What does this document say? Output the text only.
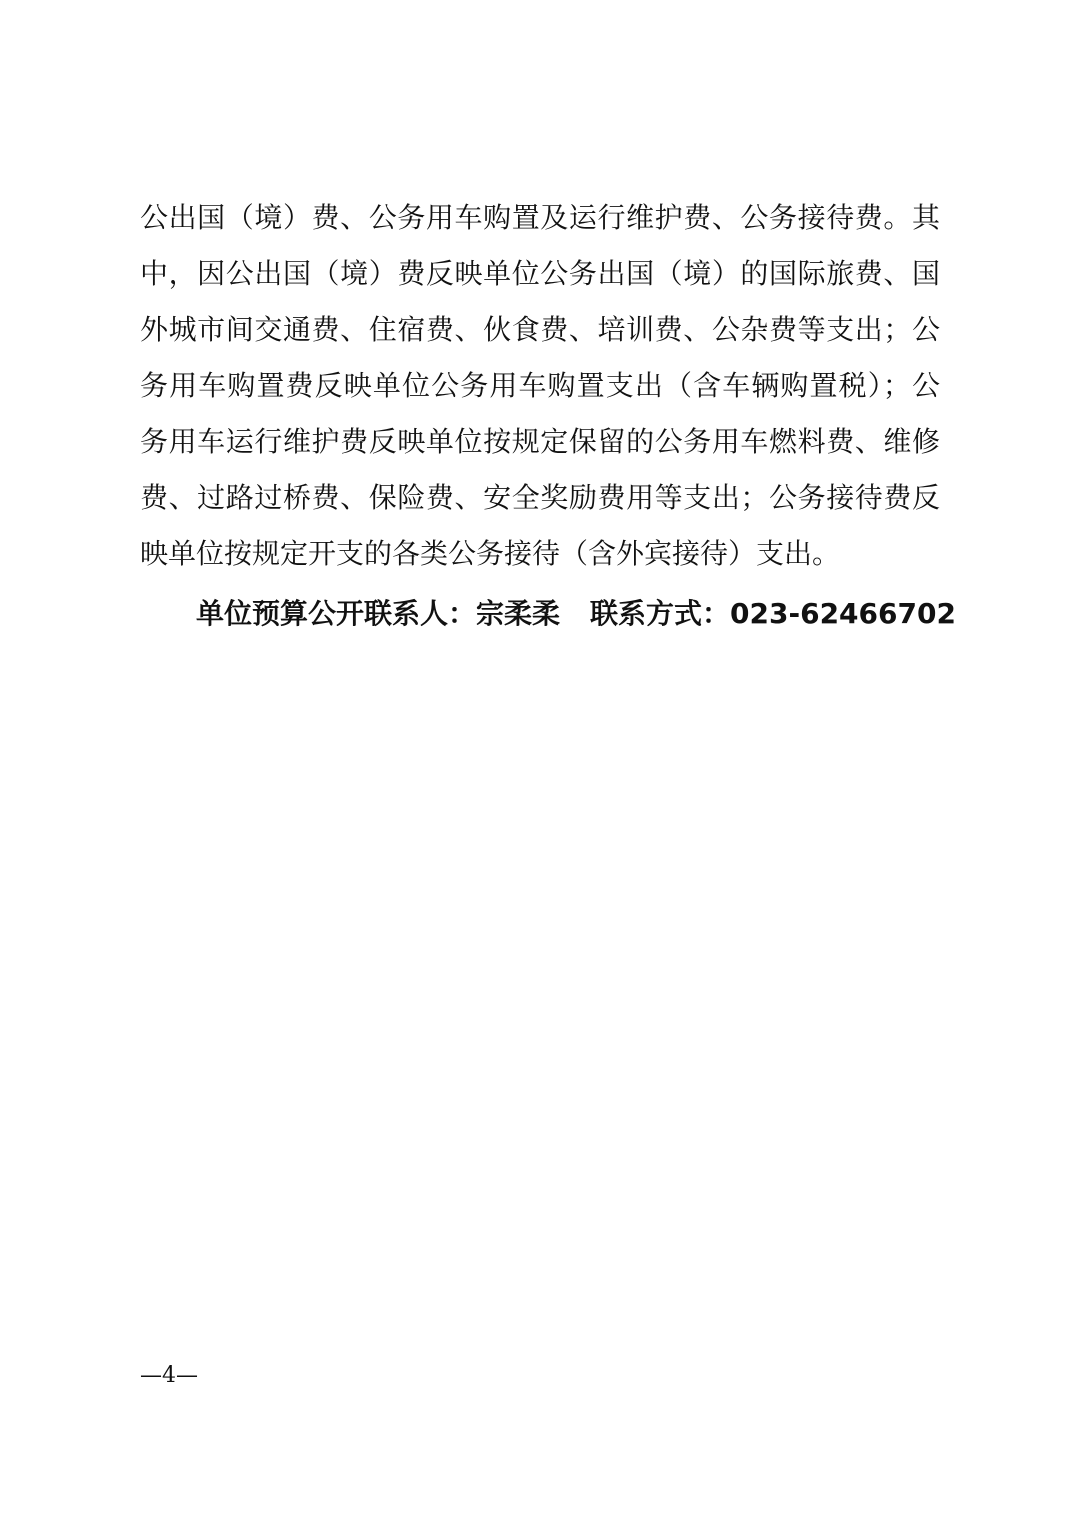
公出国（境）费、公务用车购置及运行维护费、公务接待费。其
中，因公出国（境）费反映单位公务出国（境）的国际旅费、国
外城市间交通费、住宿费、伙食费、培训费、公杂费等支出；公
务用车购置费反映单位公务用车购置支出（含车辆购置税）；公
务用车运行维护费反映单位按规定保留的公务用车燃料费、维修
费、过路过桥费、保险费、安全奖励费用等支出；公务接待费反
映单位按规定开支的各类公务接待（含外宾接待）支出。
单位预算公开联系人：宗柔柔 联系方式：023-62466702
—4—
